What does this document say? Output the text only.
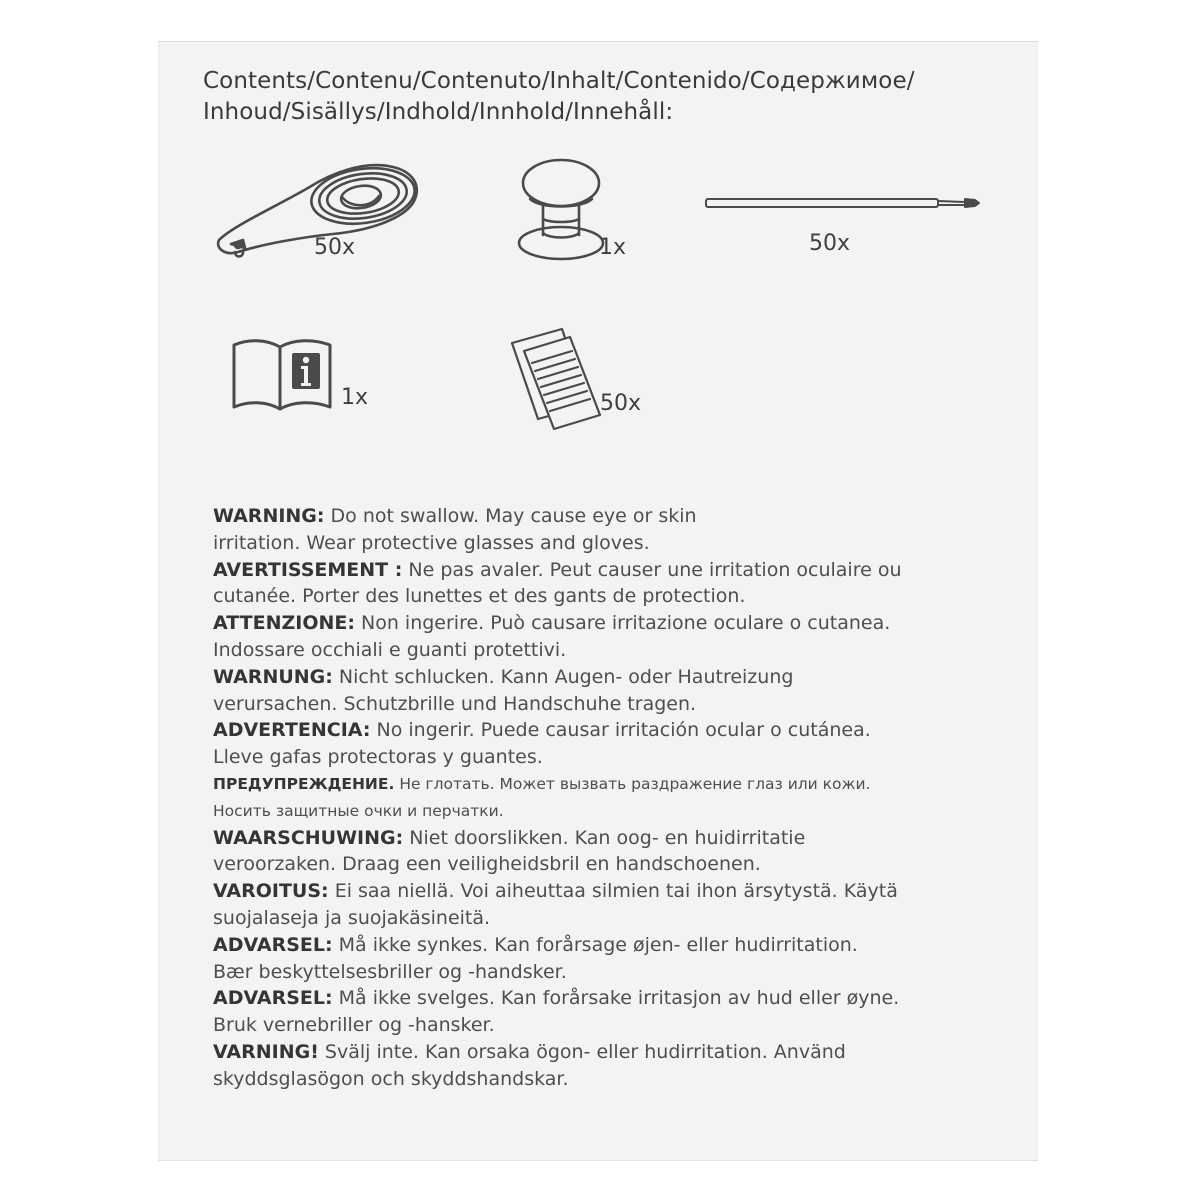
Contents/Contenu/Contenuto/Inhalt/Contenido/Содержимое/
Inhoud/Sisällys/Indhold/Innhold/Innehåll:
50x	1x	50x
1x	50x
WARNING: Do not swallow. May cause eye or skin
irritation. Wear protective glasses and gloves.
AVERTISSEMENT : Ne pas avaler. Peut causer une irritation oculaire ou
cutanée. Porter des lunettes et des gants de protection.
ATTENZIONE: Non ingerire. Può causare irritazione oculare o cutanea.
Indossare occhiali e guanti protettivi.
WARNUNG: Nicht schlucken. Kann Augen- oder Hautreizung
verursachen. Schutzbrille und Handschuhe tragen.
ADVERTENCIA: No ingerir. Puede causar irritación ocular o cutánea.
Lleve gafas protectoras y guantes.
ПРЕДУПРЕЖДЕНИЕ. Не глотать. Может вызвать раздражение глаз или кожи.
Носить защитные очки и перчатки.
WAARSCHUWING: Niet doorslikken. Kan oog- en huidirritatie
veroorzaken. Draag een veiligheidsbril en handschoenen.
VAROITUS: Ei saa niellä. Voi aiheuttaa silmien tai ihon ärsytystä. Käytä
suojalaseja ja suojakäsineitä.
ADVARSEL: Må ikke synkes. Kan forårsage øjen- eller hudirritation.
Bær beskyttelsesbriller og -handsker.
ADVARSEL: Må ikke svelges. Kan forårsake irritasjon av hud eller øyne.
Bruk vernebriller og -hansker.
VARNING! Svälj inte. Kan orsaka ögon- eller hudirritation. Använd
skyddsglasögon och skyddshandskar.
